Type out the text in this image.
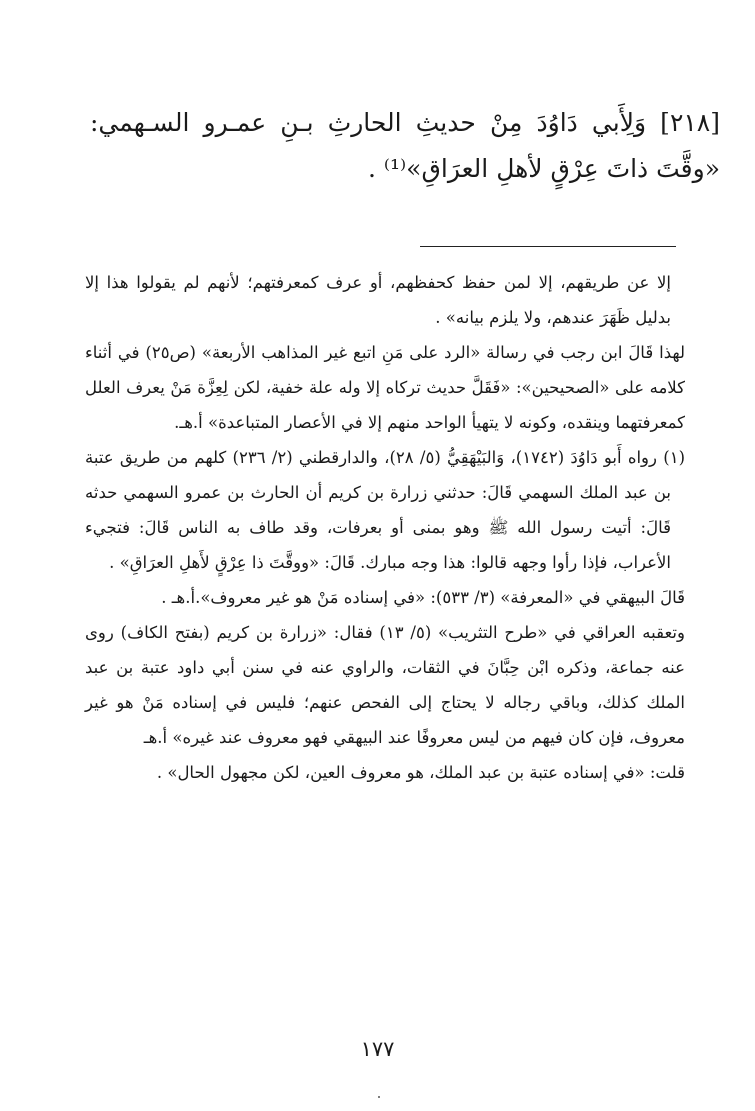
[٢١٨] وَلِأَبي دَاوُدَ مِنْ حديثِ الحارثِ بـنِ عمـرو السـهمي: «وقَّتَ ذاتَ عِرْقٍ لأهلِ العرَاقِ»⁽¹⁾ .

إلا عن طريقهم، إلا لمن حفظ كحفظهم، أو عرف كمعرفتهم؛ لأنهم لم يقولوا هذا إلا بدليل ظَهَرَ عندهم، ولا يلزم بيانه» .

لهذا قَالَ ابن رجب في رسالة «الرد على مَنِ اتبع غير المذاهب الأربعة» (ص٢٥) في أثناء كلامه على «الصحيحين»: «فَقَلَّ حديث تركاه إلا وله علة خفية، لكن لِعِزَّة مَنْ يعرف العلل كمعرفتهما وينقده، وكونه لا يتهيأ الواحد منهم إلا في الأعصار المتباعدة» أ.هـ.

(١) رواه أَبو دَاوُدَ (١٧٤٢)، وَالبَيْهَقِيُّ (٥/ ٢٨)، والدارقطني (٢/ ٢٣٦) كلهم من طريق عتبة بن عبد الملك السهمي قَالَ: حدثني زرارة بن كريم أن الحارث بن عمرو السهمي حدثه قَالَ: أتيت رسول الله ﷺ وهو بمنى أو بعرفات، وقد طاف به الناس قَالَ: فتجيء الأعراب، فإذا رأوا وجهه قالوا: هذا وجه مبارك. قَالَ: «ووقَّتَ ذا عِرْقٍ لأَهلِ العرَاقِ» .

قَالَ البيهقي في «المعرفة» (٣/ ٥٣٣): «في إسناده مَنْ هو غير معروف».أ.هـ .

وتعقبه العراقي في «طرح التثريب» (٥/ ١٣) فقال: «زرارة بن كريم (بفتح الكاف) روى عنه جماعة، وذكره ابْن حِبَّانَ في الثقات، والراوي عنه في سنن أبي داود عتبة بن عبد الملك كذلك، وباقي رجاله لا يحتاج إلى الفحص عنهم؛ فليس في إسناده مَنْ هو غير معروف، فإن كان فيهم من ليس معروفًا عند البيهقي فهو معروف عند غيره» أ.هـ

قلت: «في إسناده عتبة بن عبد الملك، هو معروف العين، لكن مجهول الحال» .

١٧٧
